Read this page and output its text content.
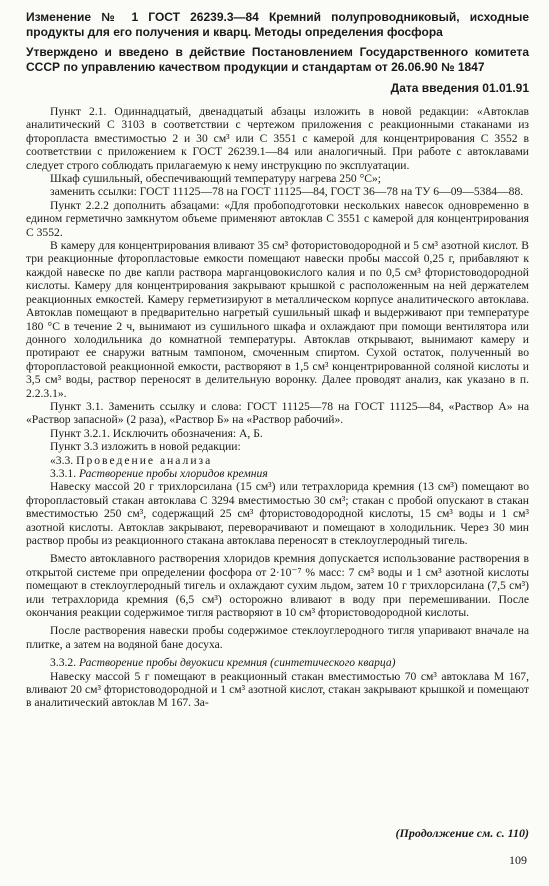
Изменение № 1 ГОСТ 26239.3—84 Кремний полупроводниковый, исходные продукты для его получения и кварц. Методы определения фосфора

Утверждено и введено в действие Постановлением Государственного комитета СССР по управлению качеством продукции и стандартам от 26.06.90 № 1847

Дата введения 01.01.91

Пункт 2.1. Одиннадцатый, двенадцатый абзацы изложить в новой редакции: «Автоклав аналитический С 3103 в соответствии с чертежом приложения с реакционными стаканами из фторопласта вместимостью 2 и 30 см³ или С 3551 с камерой для концентрирования С 3552 в соответствии с приложением к ГОСТ 26239.1—84 или аналогичный. При работе с автоклавами следует строго соблюдать прилагаемую к нему инструкцию по эксплуатации.

Шкаф сушильный, обеспечивающий температуру нагрева 250 °С»;

заменить ссылки: ГОСТ 11125—78 на ГОСТ 11125—84, ГОСТ 36—78 на ТУ 6—09—5384—88.

Пункт 2.2.2 дополнить абзацами: «Для пробоподготовки нескольких навесок одновременно в едином герметично замкнутом объеме применяют автоклав С 3551 с камерой для концентрирования С 3552.

В камеру для концентрирования вливают 35 см³ фотористоводородной и 5 см³ азотной кислот. В три реакционные фторопластовые емкости помещают навески пробы массой 0,25 г, прибавляют к каждой навеске по две капли раствора марганцовокислого калия и по 0,5 см³ фтористоводородной кислоты. Камеру для концентрирования закрывают крышкой с расположенным на ней держателем реакционных емкостей. Камеру герметизируют в металлическом корпусе аналитического автоклава. Автоклав помещают в предварительно нагретый сушильный шкаф и выдерживают при температуре 180 °С в течение 2 ч, вынимают из сушильного шкафа и охлаждают при помощи вентилятора или донного холодильника до комнатной температуры. Автоклав открывают, вынимают камеру и протирают ее снаружи ватным тампоном, смоченным спиртом. Сухой остаток, полученный во фторопластовой реакционной емкости, растворяют в 1,5 см³ концентрированной соляной кислоты и 3,5 см³ воды, раствор переносят в делительную воронку. Далее проводят анализ, как указано в п. 2.2.3.1».

Пункт 3.1. Заменить ссылку и слова: ГОСТ 11125—78 на ГОСТ 11125—84, «Раствор А» на «Раствор запасной» (2 раза), «Раствор Б» на «Раствор рабочий».

Пункт 3.2.1. Исключить обозначения: А, Б.

Пункт 3.3 изложить в новой редакции:

«3.3. Проведение анализа

3.3.1. Растворение пробы хлоридов кремния

Навеску массой 20 г трихлорсилана (15 см³) или тетрахлорида кремния (13 см³) помещают во фторопластовый стакан автоклава С 3294 вместимостью 30 см³; стакан с пробой опускают в стакан вместимостью 250 см³, содержащий 25 см³ фтористоводородной кислоты, 15 см³ воды и 1 см³ азотной кислоты. Автоклав закрывают, переворачивают и помещают в холодильник. Через 30 мин раствор пробы из реакционного стакана автоклава переносят в стеклоуглеродный тигель.

Вместо автоклавного растворения хлоридов кремния допускается использование растворения в открытой системе при определении фосфора от 2·10⁻⁷ % масс: 7 см³ воды и 1 см³ азотной кислоты помещают в стеклоуглеродный тигель и охлаждают сухим льдом, затем 10 г трихлорсилана (7,5 см³) или тетрахлорида кремния (6,5 см³) осторожно вливают в воду при перемешивании. После окончания реакции содержимое тигля растворяют в 10 см³ фтористоводородной кислоты.

После растворения навески пробы содержимое стеклоуглеродного тигля упаривают вначале на плитке, а затем на водяной бане досуха.

3.3.2. Растворение пробы двуокиси кремния (синтетического кварца)

Навеску массой 5 г помещают в реакционный стакан вместимостью 70 см³ автоклава М 167, вливают 20 см³ фтористоводородной и 1 см³ азотной кислот, стакан закрывают крышкой и помещают в аналитический автоклав М 167. За-

(Продолжение см. с. 110)
109
